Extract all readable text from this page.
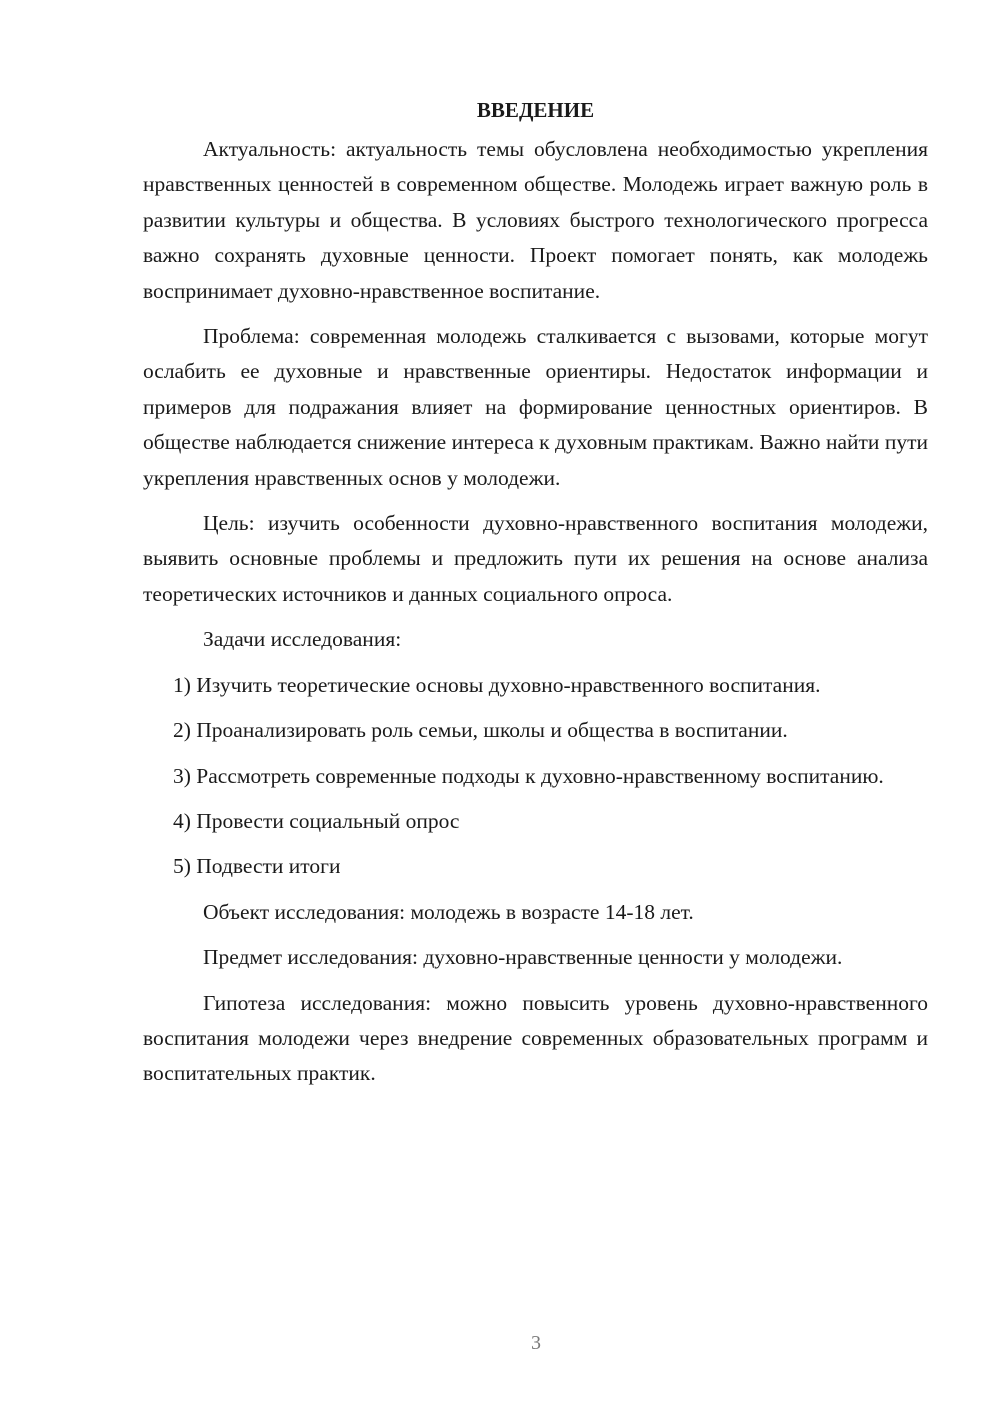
ВВЕДЕНИЕ

Актуальность: актуальность темы обусловлена необходимостью укрепления нравственных ценностей в современном обществе. Молодежь играет важную роль в развитии культуры и общества. В условиях быстрого технологического прогресса важно сохранять духовные ценности. Проект помогает понять, как молодежь воспринимает духовно-нравственное воспитание.

Проблема: современная молодежь сталкивается с вызовами, которые могут ослабить ее духовные и нравственные ориентиры. Недостаток информации и примеров для подражания влияет на формирование ценностных ориентиров. В обществе наблюдается снижение интереса к духовным практикам. Важно найти пути укрепления нравственных основ у молодежи.

Цель: изучить особенности духовно-нравственного воспитания молодежи, выявить основные проблемы и предложить пути их решения на основе анализа теоретических источников и данных социального опроса.

Задачи исследования:

1) Изучить теоретические основы духовно-нравственного воспитания.

2) Проанализировать роль семьи, школы и общества в воспитании.

3) Рассмотреть современные подходы к духовно-нравственному воспитанию.

4) Провести социальный опрос

5) Подвести итоги

Объект исследования: молодежь в возрасте 14-18 лет.

Предмет исследования: духовно-нравственные ценности у молодежи.

Гипотеза исследования: можно повысить уровень духовно-нравственного воспитания молодежи через внедрение современных образовательных программ и воспитательных практик.

3
